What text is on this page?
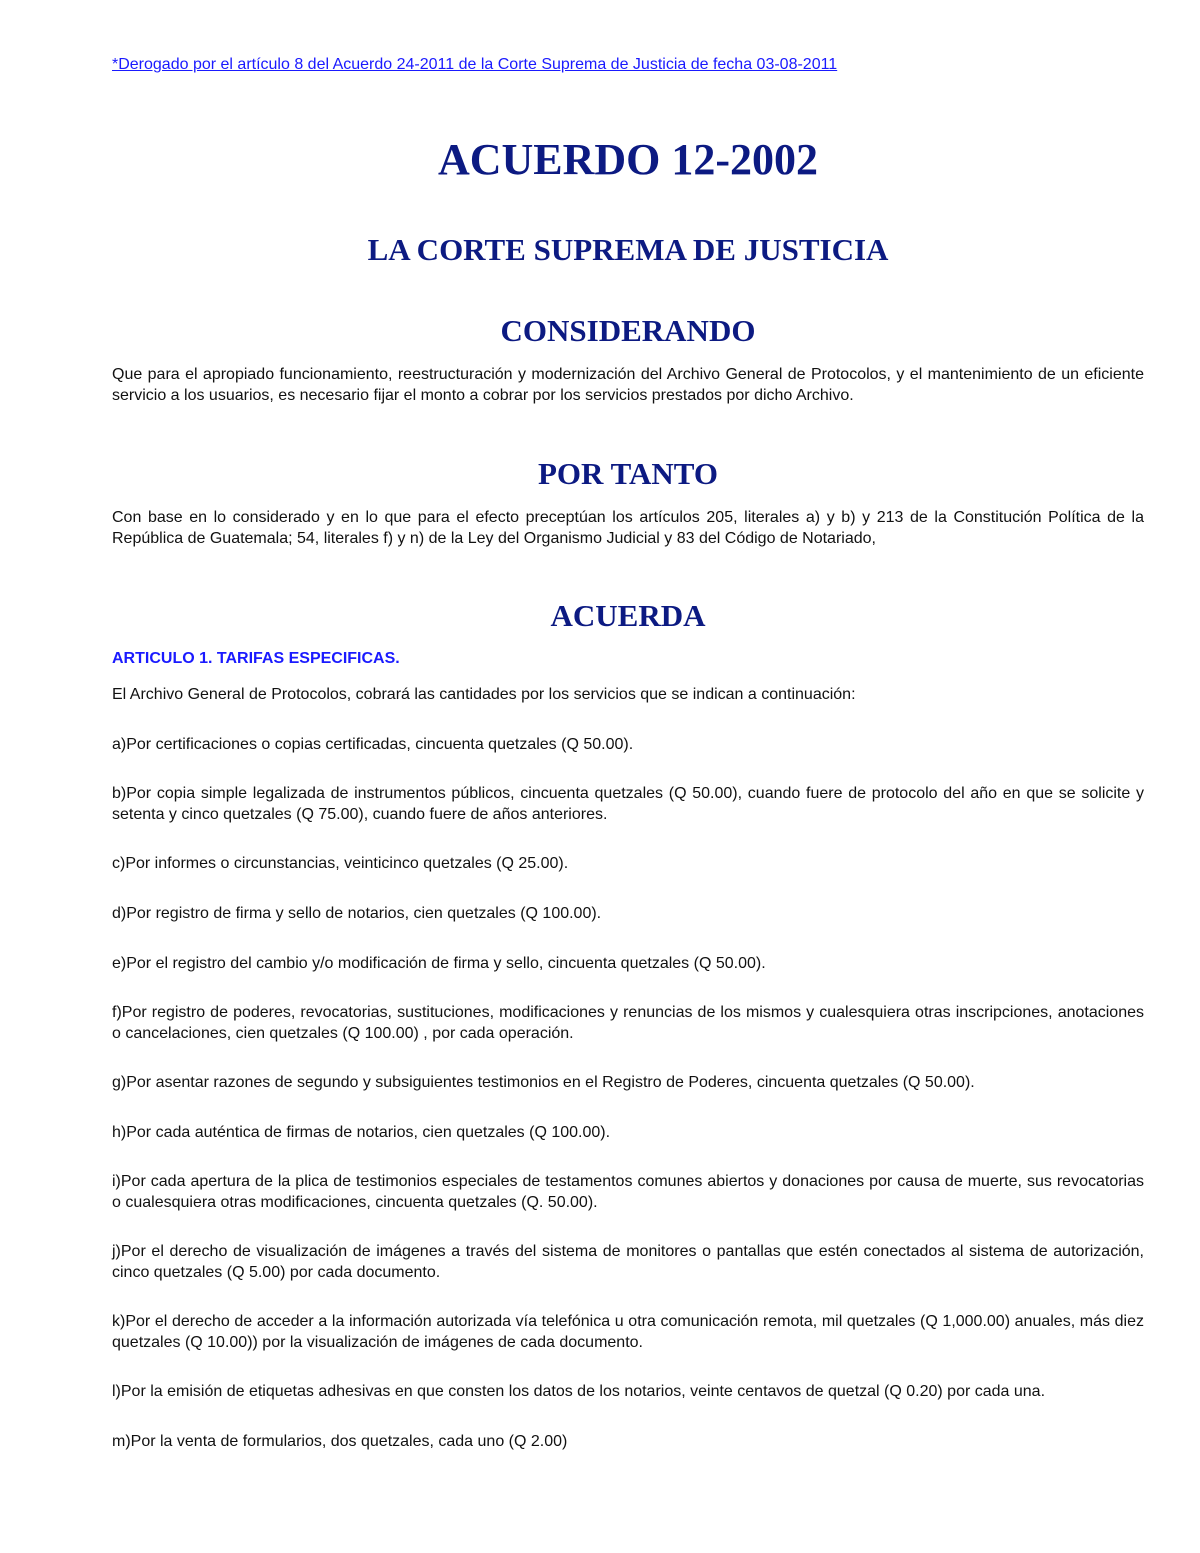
*Derogado por el artículo 8 del Acuerdo 24-2011 de la Corte Suprema de Justicia de fecha 03-08-2011
ACUERDO 12-2002
LA CORTE SUPREMA DE JUSTICIA
CONSIDERANDO

Que para el apropiado funcionamiento, reestructuración y modernización del Archivo General de Protocolos, y el mantenimiento de un eficiente servicio a los usuarios, es necesario fijar el monto a cobrar por los servicios prestados por dicho Archivo.

POR TANTO

Con base en lo considerado y en lo que para el efecto preceptúan los artículos 205, literales a) y b) y 213 de la Constitución Política de la República de Guatemala; 54, literales f) y n) de la Ley del Organismo Judicial y 83 del Código de Notariado,

ACUERDA

ARTICULO 1. TARIFAS ESPECIFICAS.

El Archivo General de Protocolos, cobrará las cantidades por los servicios que se indican a continuación:

a)Por certificaciones o copias certificadas, cincuenta quetzales (Q 50.00).

b)Por copia simple legalizada de instrumentos públicos, cincuenta quetzales (Q 50.00), cuando fuere de protocolo del año en que se solicite y setenta y cinco quetzales (Q 75.00), cuando fuere de años anteriores.

c)Por informes o circunstancias, veinticinco quetzales (Q 25.00).

d)Por registro de firma y sello de notarios, cien quetzales (Q 100.00).

e)Por el registro del cambio y/o modificación de firma y sello, cincuenta quetzales (Q 50.00).

f)Por registro de poderes, revocatorias, sustituciones, modificaciones y renuncias de los mismos y cualesquiera otras inscripciones, anotaciones o cancelaciones, cien quetzales (Q 100.00) , por cada operación.

g)Por asentar razones de segundo y subsiguientes testimonios en el Registro de Poderes, cincuenta quetzales (Q 50.00).

h)Por cada auténtica de firmas de notarios, cien quetzales (Q 100.00).

i)Por cada apertura de la plica de testimonios especiales de testamentos comunes abiertos y donaciones por causa de muerte, sus revocatorias o cualesquiera otras modificaciones, cincuenta quetzales (Q. 50.00).

j)Por el derecho de visualización de imágenes a través del sistema de monitores o pantallas que estén conectados al sistema de autorización, cinco quetzales (Q 5.00) por cada documento.

k)Por el derecho de acceder a la información autorizada vía telefónica u otra comunicación remota, mil quetzales (Q 1,000.00) anuales, más diez quetzales (Q 10.00)) por la visualización de imágenes de cada documento.

l)Por la emisión de etiquetas adhesivas en que consten los datos de los notarios, veinte centavos de quetzal (Q 0.20) por cada una.

m)Por la venta de formularios, dos quetzales, cada uno (Q 2.00)
